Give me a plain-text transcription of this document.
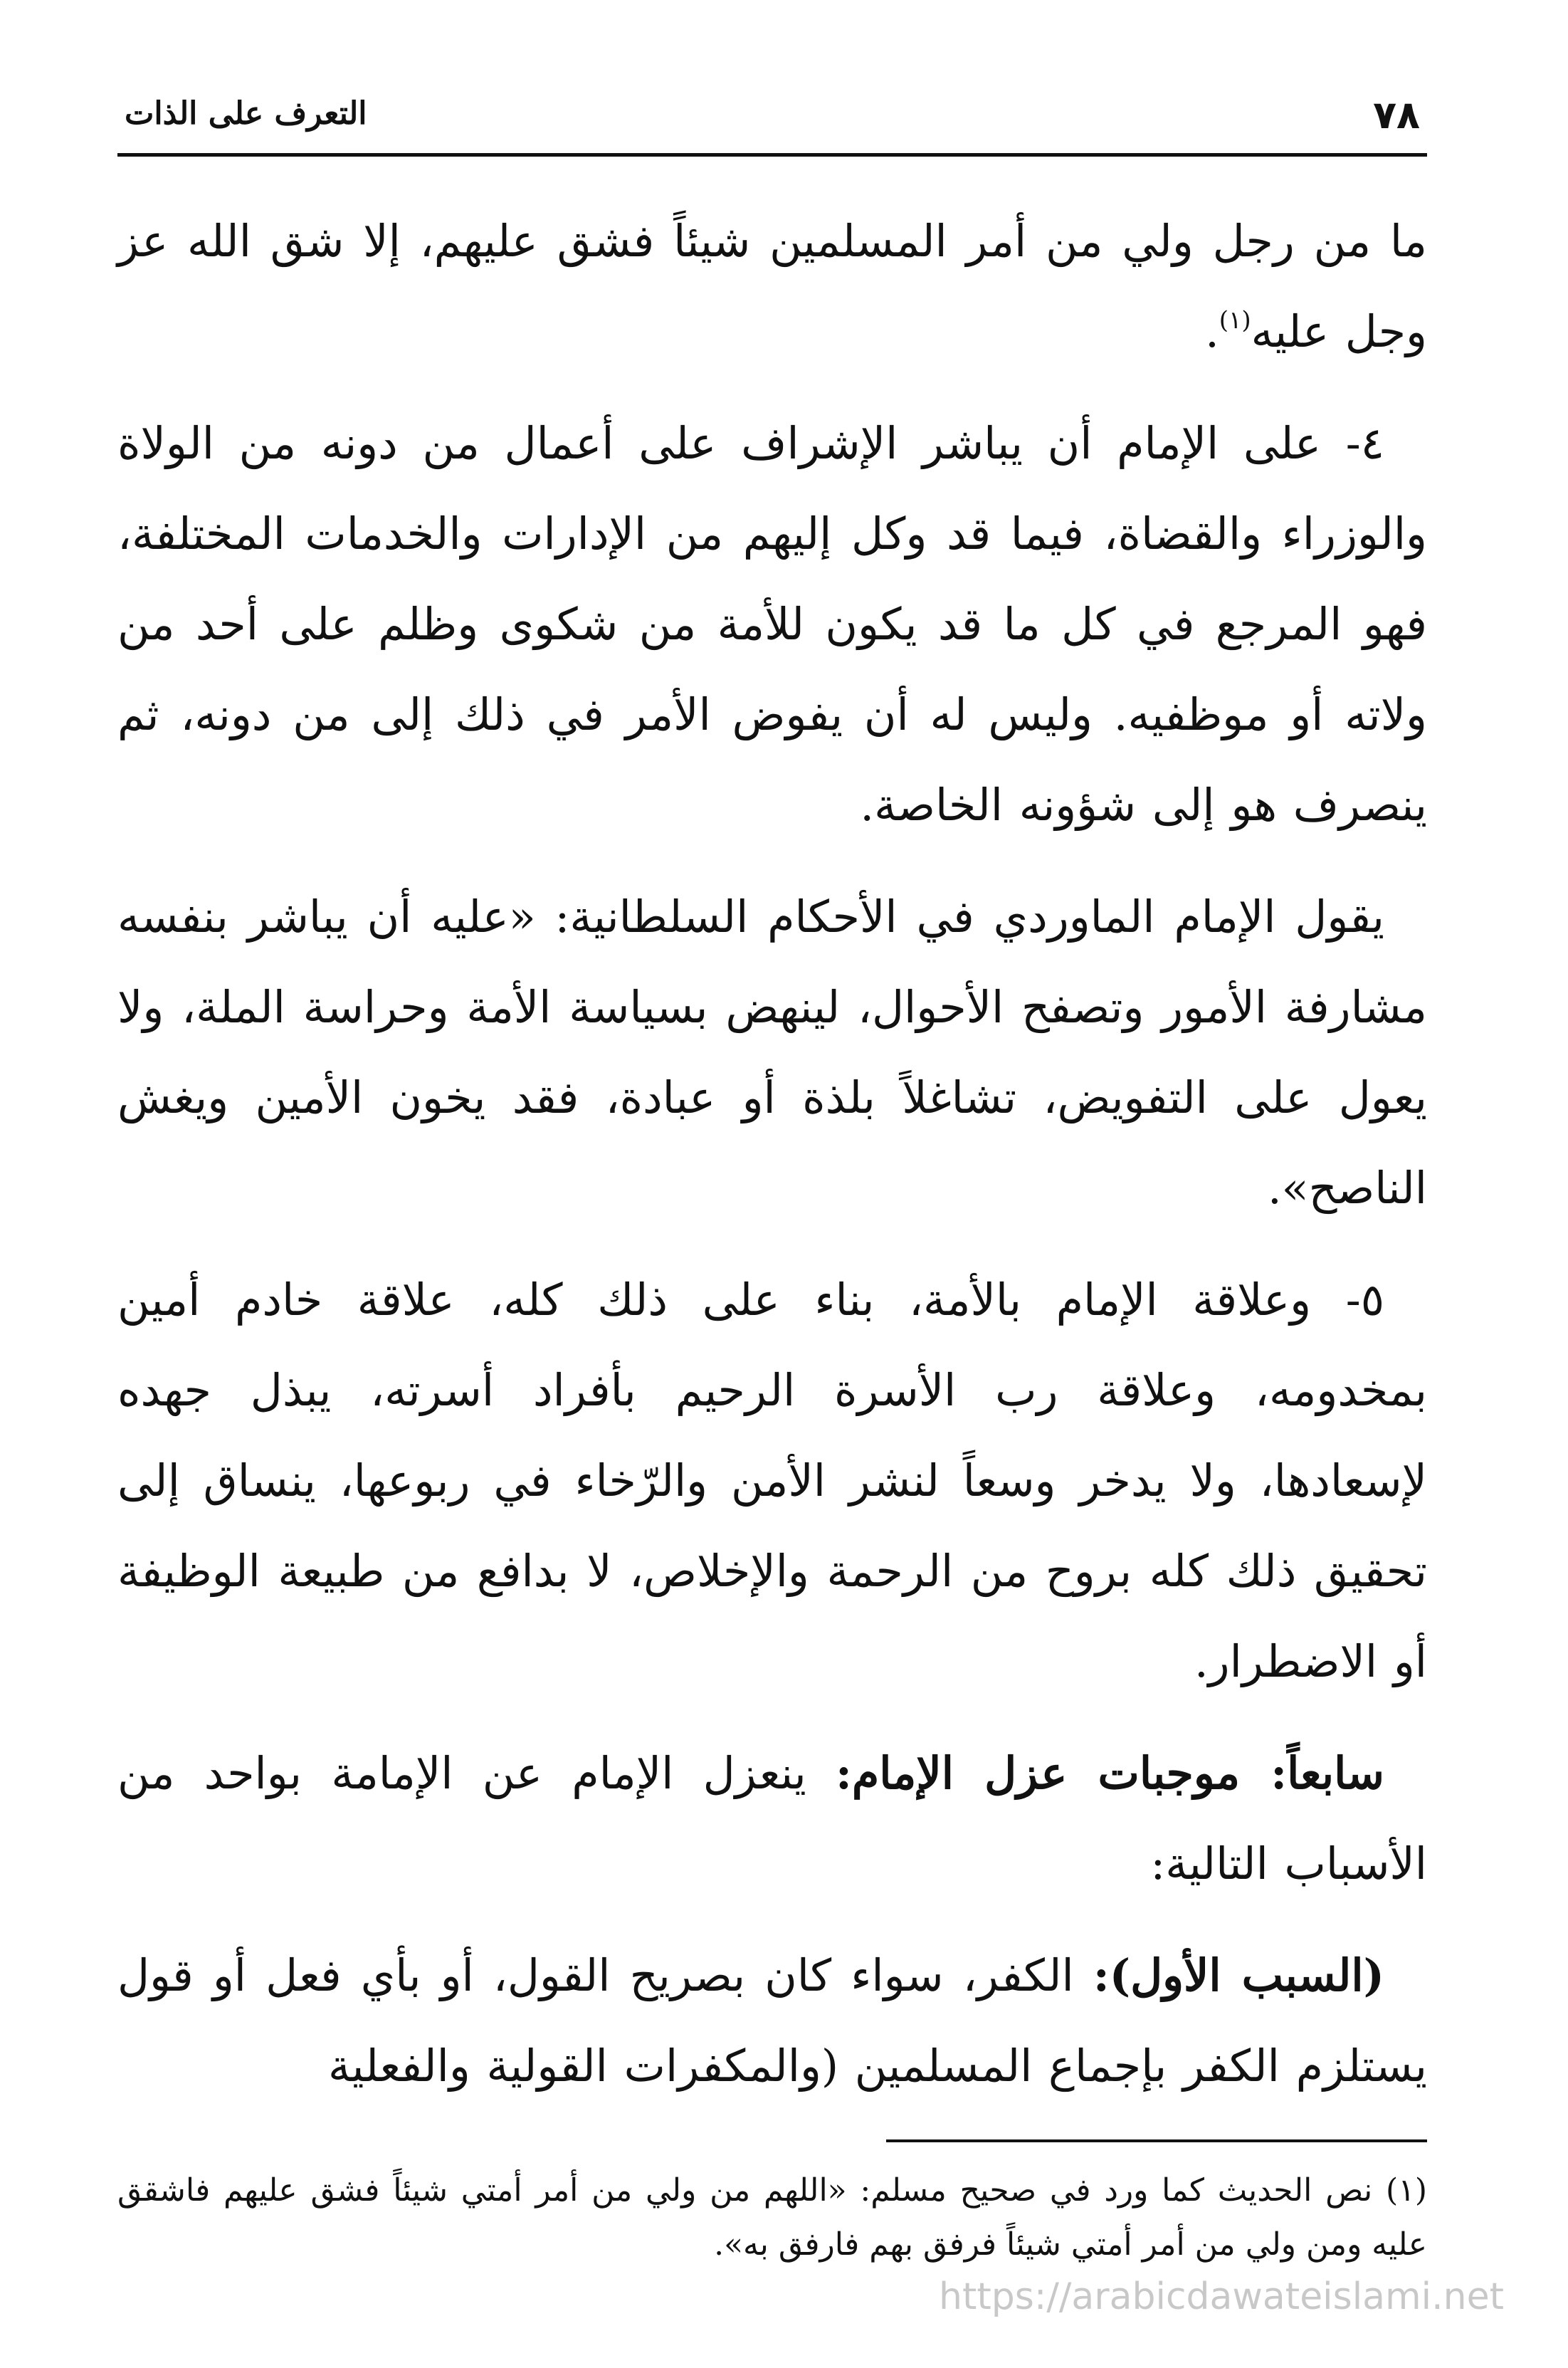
٧٨
التعرف على الذات

ما من رجل ولي من أمر المسلمين شيئاً فشق عليهم، إلا شق الله عز وجل عليه$^{(١)}$.

٤- على الإمام أن يباشر الإشراف على أعمال من دونه من الولاة والوزراء والقضاة، فيما قد وكل إليهم من الإدارات والخدمات المختلفة، فهو المرجع في كل ما قد يكون للأمة من شكوى وظلم على أحد من ولاته أو موظفيه. وليس له أن يفوض الأمر في ذلك إلى من دونه، ثم ينصرف هو إلى شؤونه الخاصة.

يقول الإمام الماوردي في الأحكام السلطانية: «عليه أن يباشر بنفسه مشارفة الأمور وتصفح الأحوال، لينهض بسياسة الأمة وحراسة الملة، ولا يعول على التفويض، تشاغلاً بلذة أو عبادة، فقد يخون الأمين ويغش الناصح».

٥- وعلاقة الإمام بالأمة، بناء على ذلك كله، علاقة خادم أمين بمخدومه، وعلاقة رب الأسرة الرحيم بأفراد أسرته، يبذل جهده لإسعادها، ولا يدخر وسعاً لنشر الأمن والرّخاء في ربوعها، ينساق إلى تحقيق ذلك كله بروح من الرحمة والإخلاص، لا بدافع من طبيعة الوظيفة أو الاضطرار.

سابعاً: موجبات عزل الإمام: ينعزل الإمام عن الإمامة بواحد من الأسباب التالية:

(السبب الأول): الكفر، سواء كان بصريح القول، أو بأي فعل أو قول يستلزم الكفر بإجماع المسلمين (والمكفرات القولية والفعلية

(١) نص الحديث كما ورد في صحيح مسلم: «اللهم من ولي من أمر أمتي شيئاً فشق عليهم فاشقق عليه ومن ولي من أمر أمتي شيئاً فرفق بهم فارفق به».

https://arabicdawateislami.net
